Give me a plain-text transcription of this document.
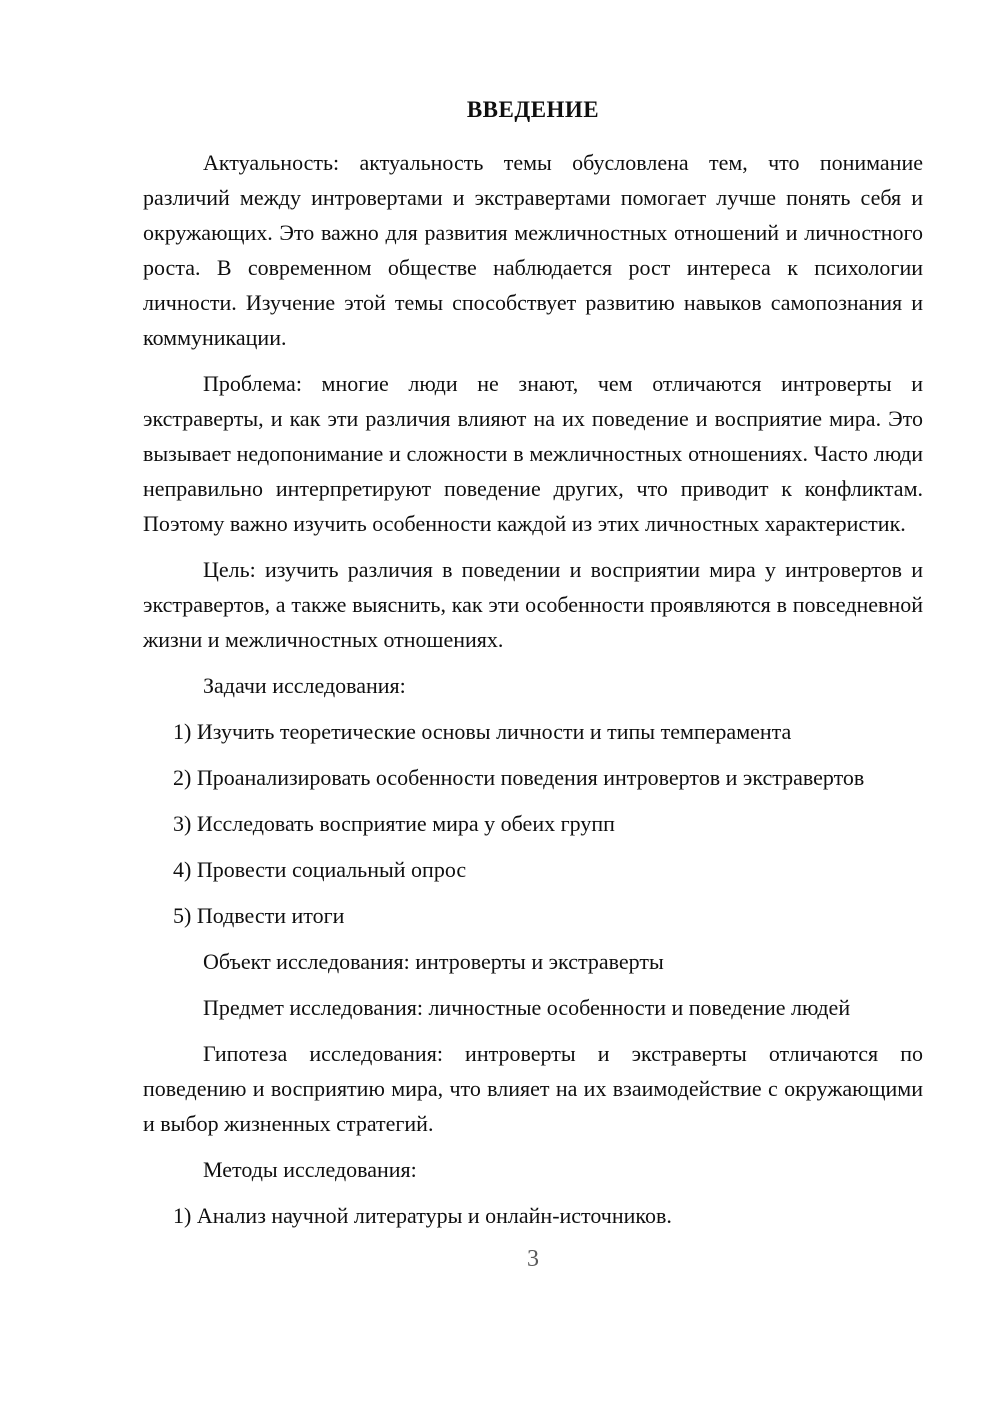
ВВЕДЕНИЕ

Актуальность: актуальность темы обусловлена тем, что понимание различий между интровертами и экстравертами помогает лучше понять себя и окружающих. Это важно для развития межличностных отношений и личностного роста. В современном обществе наблюдается рост интереса к психологии личности. Изучение этой темы способствует развитию навыков самопознания и коммуникации.

Проблема: многие люди не знают, чем отличаются интроверты и экстраверты, и как эти различия влияют на их поведение и восприятие мира. Это вызывает недопонимание и сложности в межличностных отношениях. Часто люди неправильно интерпретируют поведение других, что приводит к конфликтам. Поэтому важно изучить особенности каждой из этих личностных характеристик.

Цель: изучить различия в поведении и восприятии мира у интровертов и экстравертов, а также выяснить, как эти особенности проявляются в повседневной жизни и межличностных отношениях.

Задачи исследования:

1) Изучить теоретические основы личности и типы темперамента

2) Проанализировать особенности поведения интровертов и экстравертов

3) Исследовать восприятие мира у обеих групп

4) Провести социальный опрос

5) Подвести итоги

Объект исследования: интроверты и экстраверты

Предмет исследования: личностные особенности и поведение людей

Гипотеза исследования: интроверты и экстраверты отличаются по поведению и восприятию мира, что влияет на их взаимодействие с окружающими и выбор жизненных стратегий.

Методы исследования:

1) Анализ научной литературы и онлайн-источников.

3
